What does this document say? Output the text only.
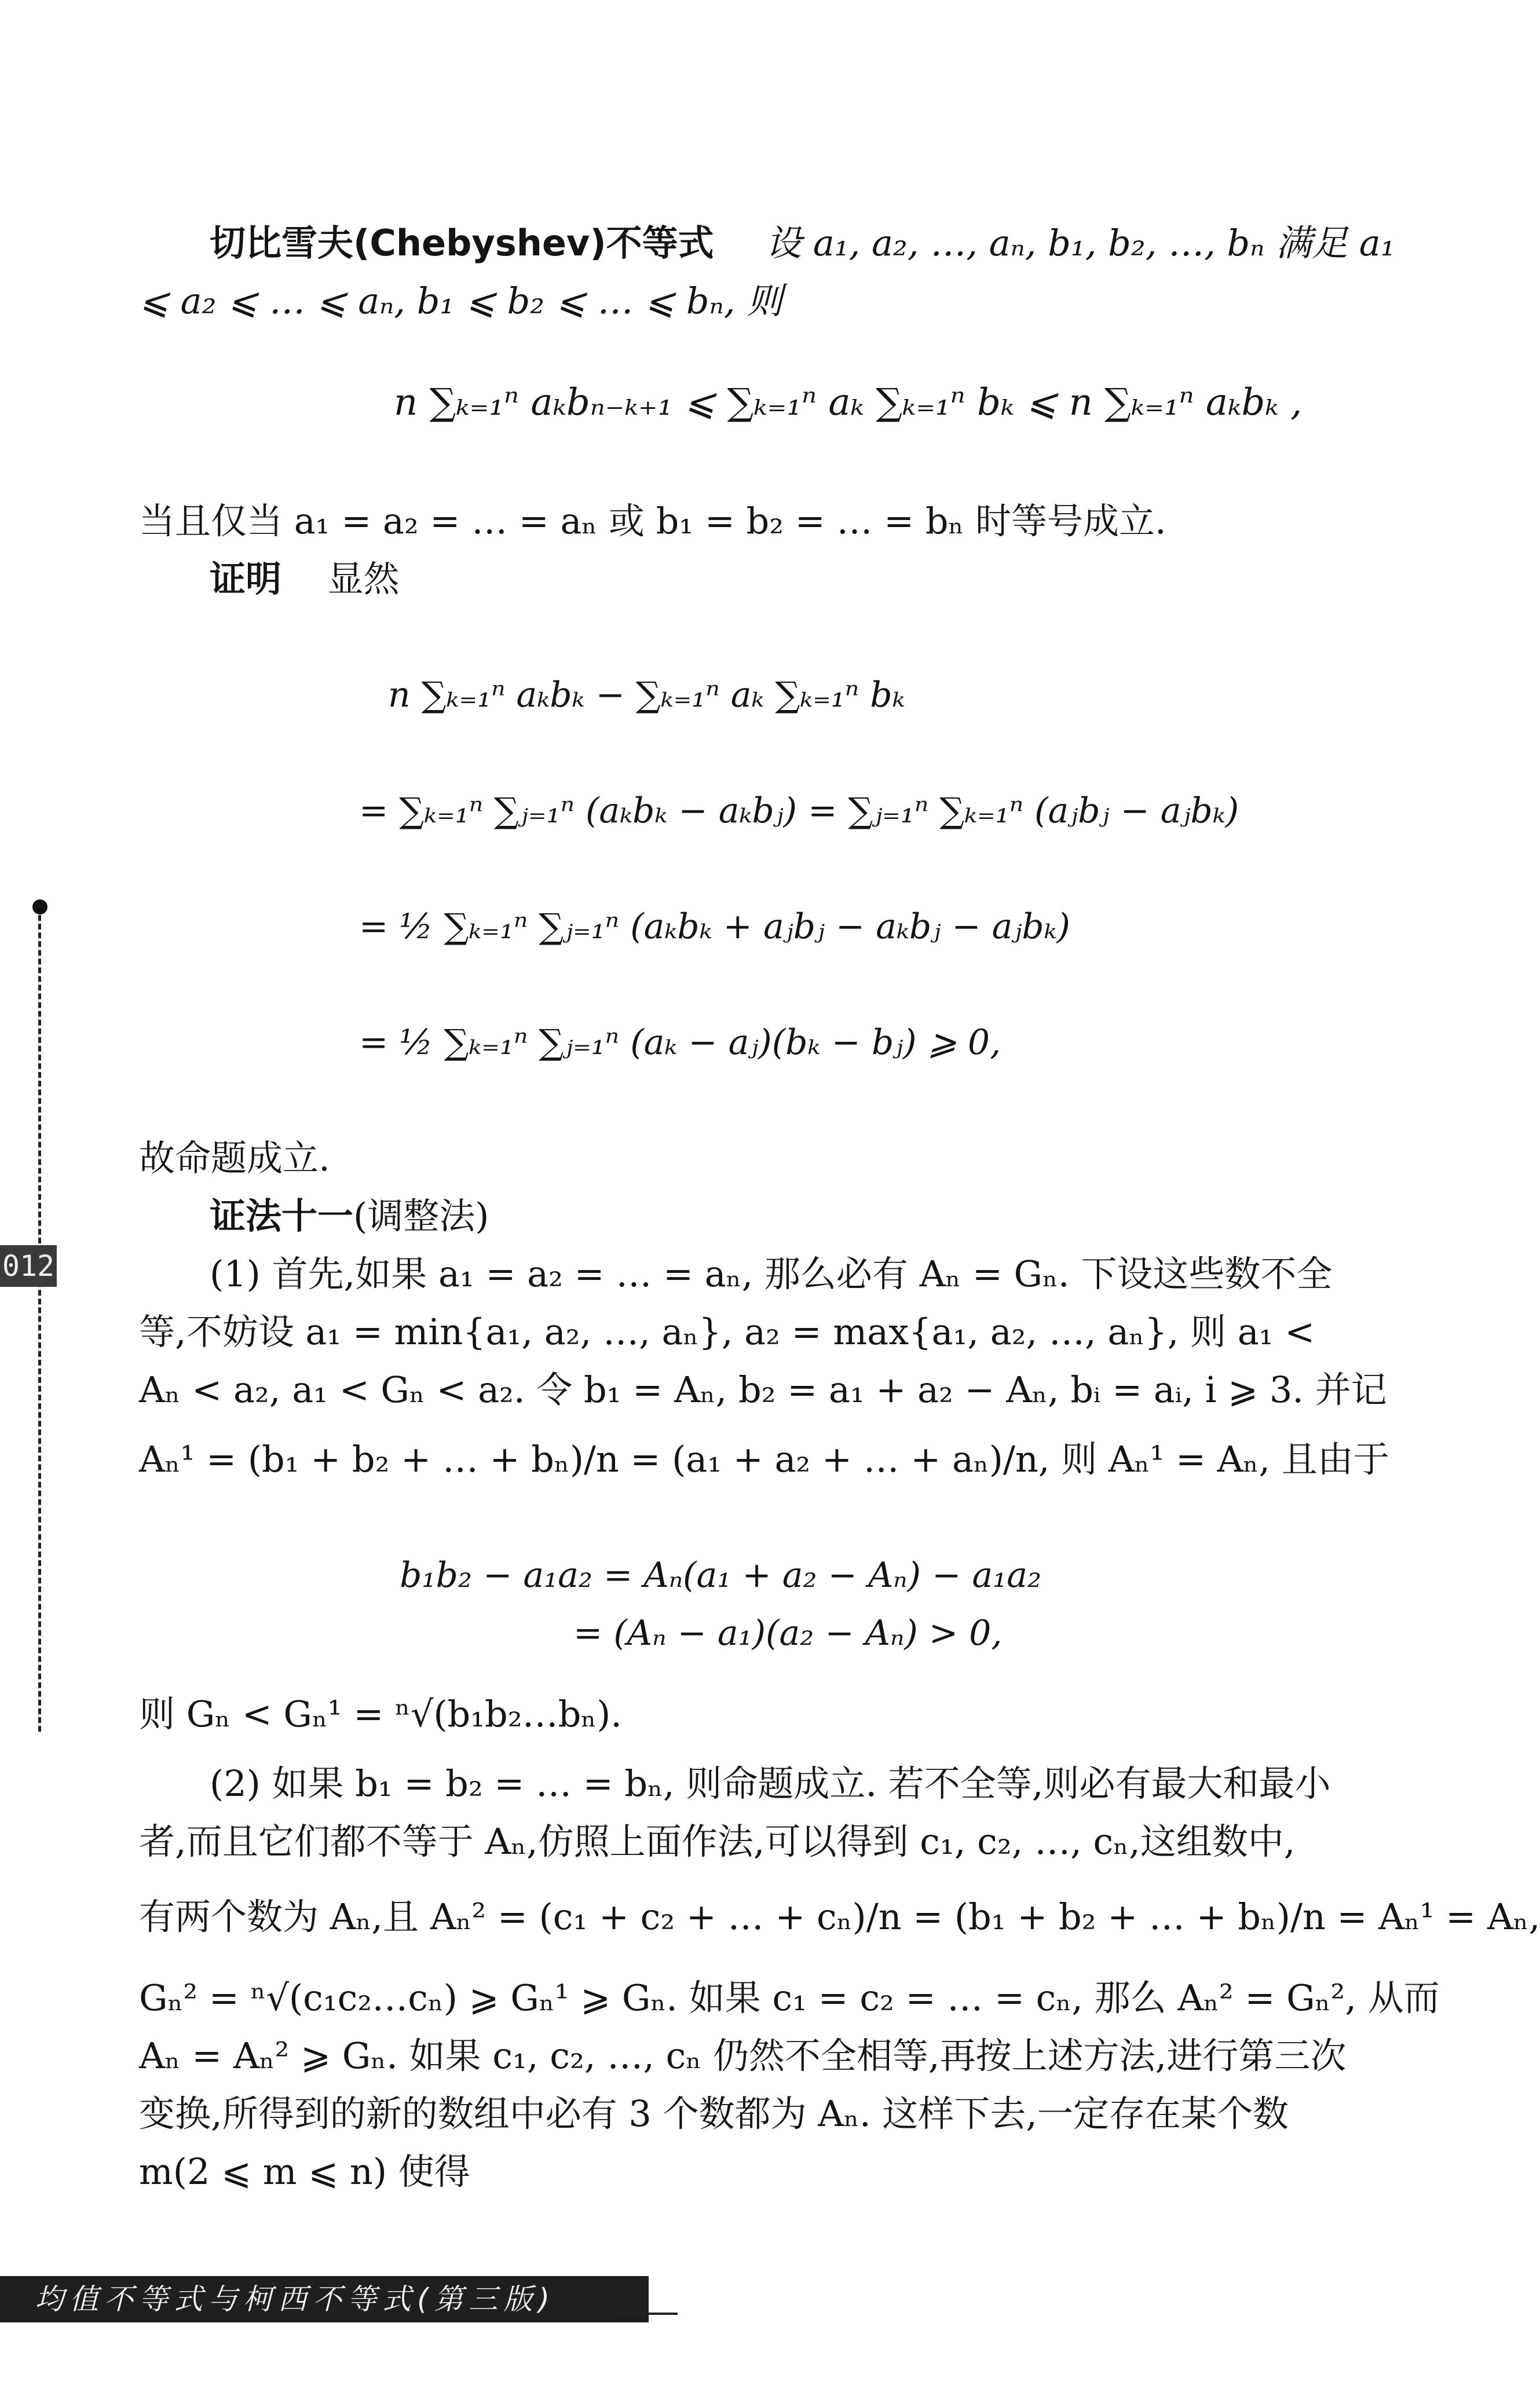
012
切比雪夫(Chebyshev)不等式 设 a₁, a₂, …, aₙ, b₁, b₂, …, bₙ 满足 a₁
⩽ a₂ ⩽ … ⩽ aₙ, b₁ ⩽ b₂ ⩽ … ⩽ bₙ, 则
n ∑ₖ₌₁ⁿ aₖbₙ₋ₖ₊₁ ⩽ ∑ₖ₌₁ⁿ aₖ ∑ₖ₌₁ⁿ bₖ ⩽ n ∑ₖ₌₁ⁿ aₖbₖ ,
当且仅当 a₁ = a₂ = … = aₙ 或 b₁ = b₂ = … = bₙ 时等号成立.
证明 显然
n ∑ₖ₌₁ⁿ aₖbₖ − ∑ₖ₌₁ⁿ aₖ ∑ₖ₌₁ⁿ bₖ
= ∑ₖ₌₁ⁿ ∑ⱼ₌₁ⁿ (aₖbₖ − aₖbⱼ) = ∑ⱼ₌₁ⁿ ∑ₖ₌₁ⁿ (aⱼbⱼ − aⱼbₖ)
= ½ ∑ₖ₌₁ⁿ ∑ⱼ₌₁ⁿ (aₖbₖ + aⱼbⱼ − aₖbⱼ − aⱼbₖ)
= ½ ∑ₖ₌₁ⁿ ∑ⱼ₌₁ⁿ (aₖ − aⱼ)(bₖ − bⱼ) ⩾ 0,
故命题成立.
证法十一(调整法)
(1) 首先,如果 a₁ = a₂ = … = aₙ, 那么必有 Aₙ = Gₙ. 下设这些数不全
等,不妨设 a₁ = min{a₁, a₂, …, aₙ}, a₂ = max{a₁, a₂, …, aₙ}, 则 a₁ <
Aₙ < a₂, a₁ < Gₙ < a₂. 令 b₁ = Aₙ, b₂ = a₁ + a₂ − Aₙ, bᵢ = aᵢ, i ⩾ 3. 并记
Aₙ¹ = (b₁ + b₂ + … + bₙ)/n = (a₁ + a₂ + … + aₙ)/n, 则 Aₙ¹ = Aₙ, 且由于
b₁b₂ − a₁a₂ = Aₙ(a₁ + a₂ − Aₙ) − a₁a₂
= (Aₙ − a₁)(a₂ − Aₙ) > 0,
则 Gₙ < Gₙ¹ = ⁿ√(b₁b₂…bₙ).
(2) 如果 b₁ = b₂ = … = bₙ, 则命题成立. 若不全等,则必有最大和最小
者,而且它们都不等于 Aₙ,仿照上面作法,可以得到 c₁, c₂, …, cₙ,这组数中,
有两个数为 Aₙ,且 Aₙ² = (c₁ + c₂ + … + cₙ)/n = (b₁ + b₂ + … + bₙ)/n = Aₙ¹ = Aₙ,
Gₙ² = ⁿ√(c₁c₂…cₙ) ⩾ Gₙ¹ ⩾ Gₙ. 如果 c₁ = c₂ = … = cₙ, 那么 Aₙ² = Gₙ², 从而
Aₙ = Aₙ² ⩾ Gₙ. 如果 c₁, c₂, …, cₙ 仍然不全相等,再按上述方法,进行第三次
变换,所得到的新的数组中必有 3 个数都为 Aₙ. 这样下去,一定存在某个数
m(2 ⩽ m ⩽ n) 使得
均值不等式与柯西不等式(第三版)
